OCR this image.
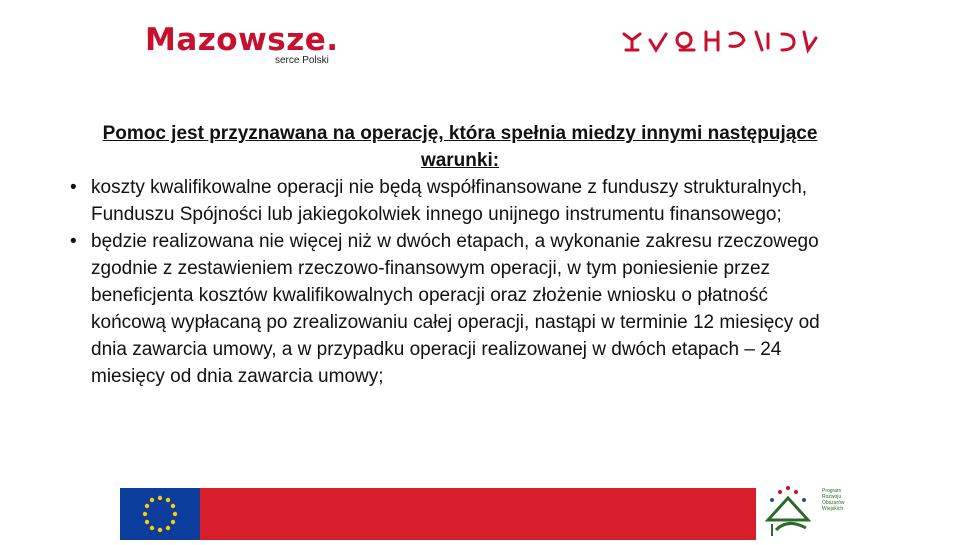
Mazowsze.
serce Polski

Pomoc jest przyznawana na operację, która spełnia miedzy innymi następujące warunki:

• koszty kwalifikowalne operacji nie będą współfinansowane z funduszy strukturalnych, Funduszu Spójności lub jakiegokolwiek innego unijnego instrumentu finansowego;
• będzie realizowana nie więcej niż w dwóch etapach, a wykonanie zakresu rzeczowego zgodnie z zestawieniem rzeczowo-finansowym operacji, w tym poniesienie przez beneficjenta kosztów kwalifikowalnych operacji oraz złożenie wniosku o płatność końcową wypłacaną po zrealizowaniu całej operacji, nastąpi w terminie 12 miesięcy od dnia zawarcia umowy, a w przypadku operacji realizowanej w dwóch etapach – 24 miesięcy od dnia zawarcia umowy;
Program Rozwoju Obszarów Wiejskich
